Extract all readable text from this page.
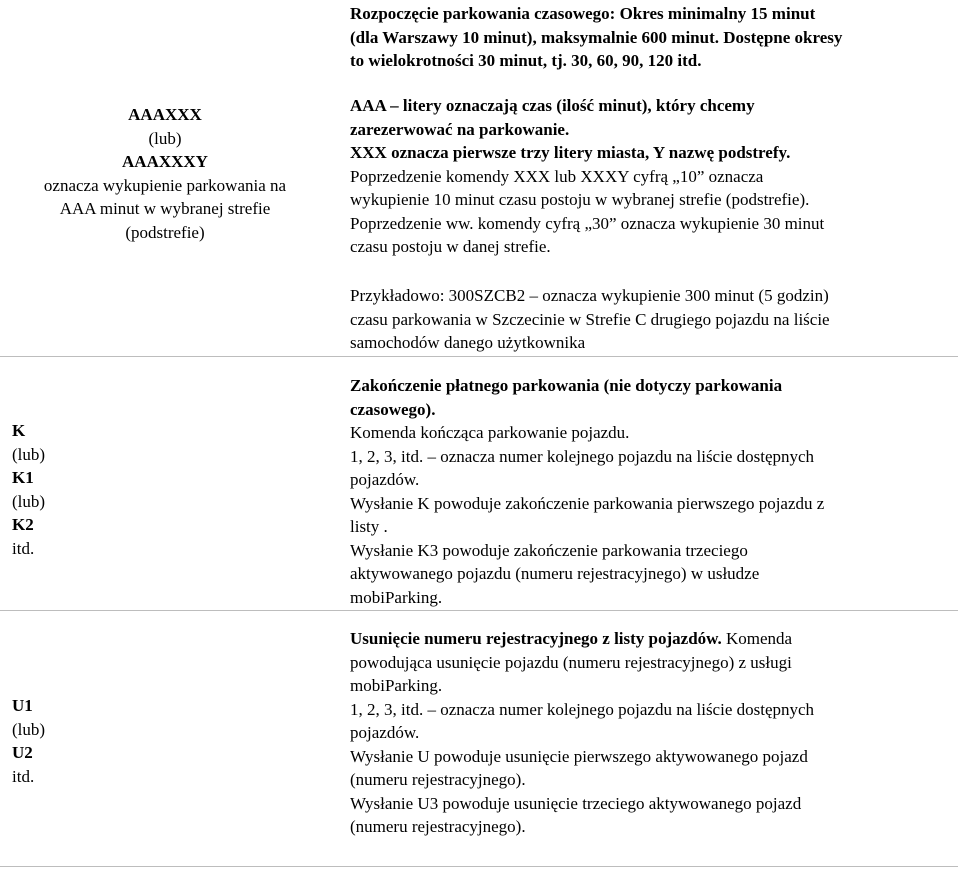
Rozpoczęcie parkowania czasowego: Okres minimalny 15 minut
(dla Warszawy 10 minut), maksymalnie 600 minut. Dostępne okresy
to wielokrotności 30 minut, tj. 30, 60, 90, 120 itd.
AAAXXX
(lub)
AAAXXXY
oznacza wykupienie parkowania na
AAA minut w wybranej strefie
(podstrefie)
AAA – litery oznaczają czas (ilość minut), który chcemy
zarezerwować na parkowanie.
XXX oznacza pierwsze trzy litery miasta, Y nazwę podstrefy.
Poprzedzenie komendy XXX lub XXXY cyfrą „10” oznacza
wykupienie 10 minut czasu postoju w wybranej strefie (podstrefie).
Poprzedzenie ww. komendy cyfrą „30” oznacza wykupienie 30 minut
czasu postoju w danej strefie.
Przykładowo: 300SZCB2 – oznacza wykupienie 300 minut (5 godzin)
czasu parkowania w Szczecinie w Strefie C drugiego pojazdu na liście
samochodów danego użytkownika
K
(lub)
K1
(lub)
K2
itd.
Zakończenie płatnego parkowania (nie dotyczy parkowania
czasowego).
Komenda kończąca parkowanie pojazdu.
1, 2, 3, itd. – oznacza numer kolejnego pojazdu na liście dostępnych
pojazdów.
Wysłanie K powoduje zakończenie parkowania pierwszego pojazdu z
listy .
Wysłanie K3 powoduje zakończenie parkowania trzeciego
aktywowanego pojazdu (numeru rejestracyjnego) w usłudze
mobiParking.
U1
(lub)
U2
itd.
Usunięcie numeru rejestracyjnego z listy pojazdów. Komenda
powodująca usunięcie pojazdu (numeru rejestracyjnego) z usługi
mobiParking.
1, 2, 3, itd. – oznacza numer kolejnego pojazdu na liście dostępnych
pojazdów.
Wysłanie U powoduje usunięcie pierwszego aktywowanego pojazd
(numeru rejestracyjnego).
Wysłanie U3 powoduje usunięcie trzeciego aktywowanego pojazd
(numeru rejestracyjnego).
